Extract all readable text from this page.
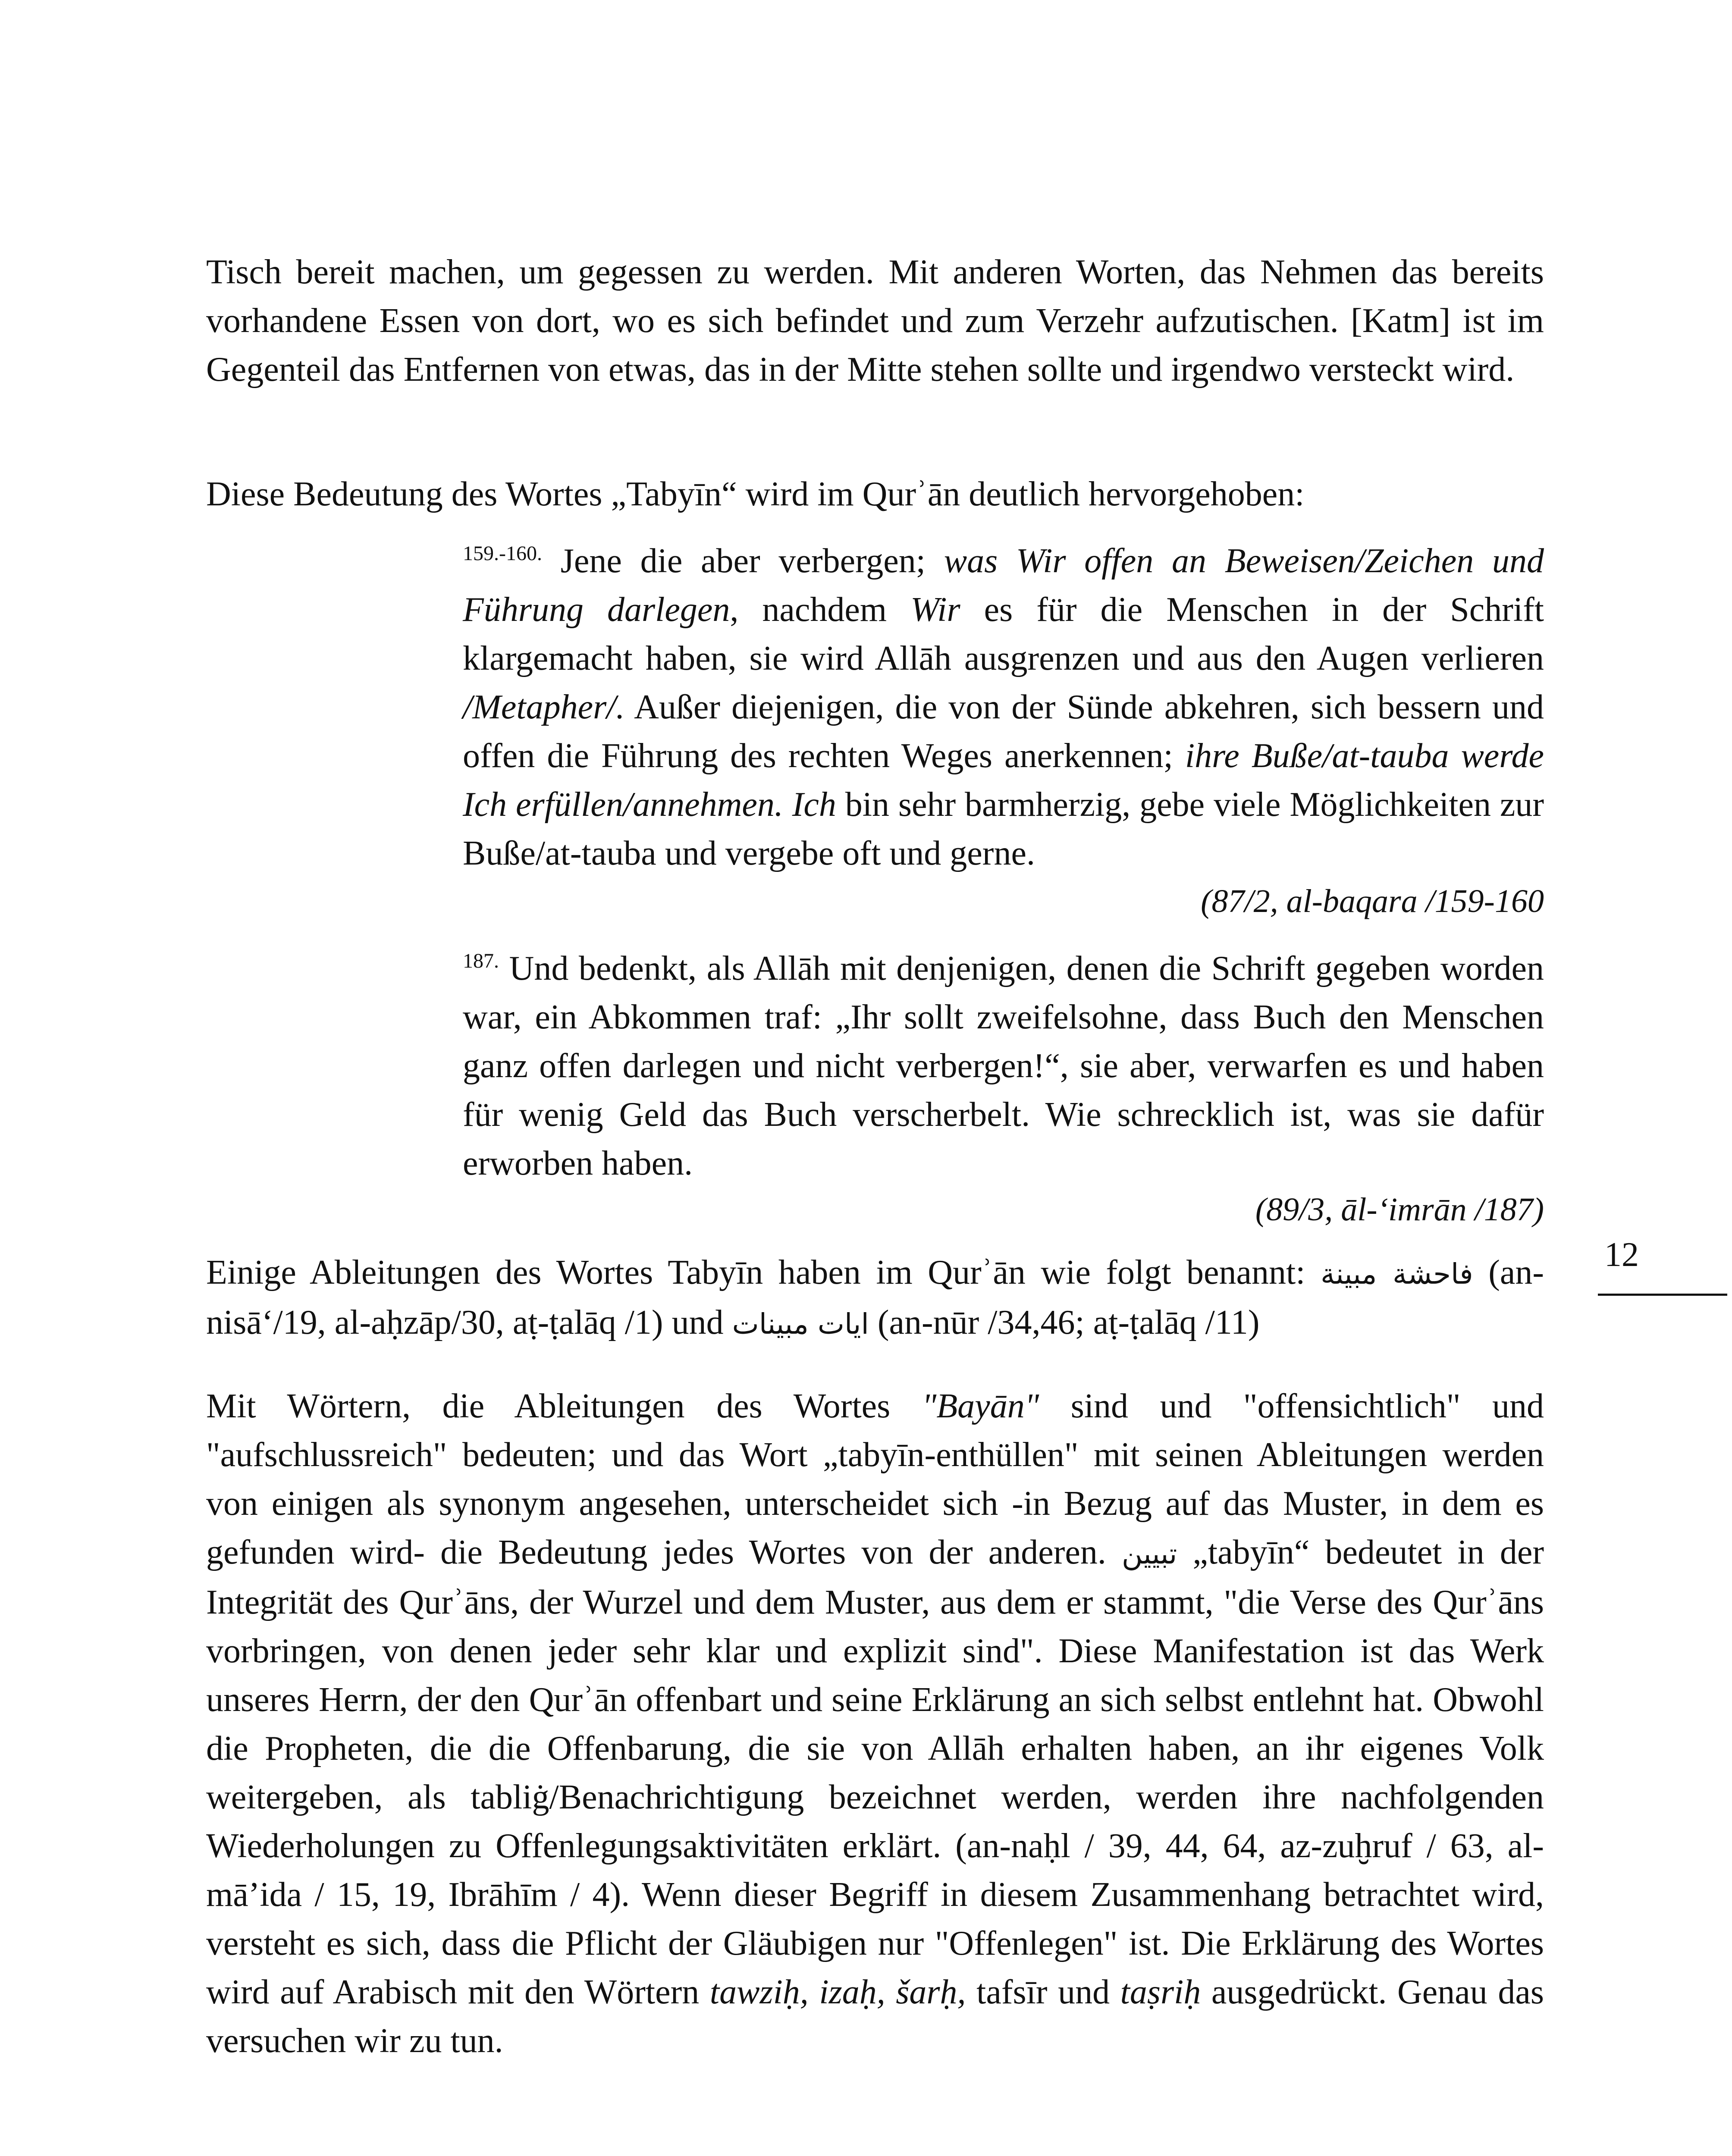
Tisch bereit machen, um gegessen zu werden. Mit anderen Worten, das Nehmen das bereits vorhandene Essen von dort, wo es sich befindet und zum Verzehr aufzutischen. [Katm] ist im Gegenteil das Entfernen von etwas, das in der Mitte stehen sollte und irgendwo versteckt wird.

Diese Bedeutung des Wortes „Tabyīn“ wird im Qurʾān deutlich hervorgehoben:

$^{159.-160.}$ Jene die aber verbergen; was Wir offen an Beweisen/Zeichen und Führung darlegen, nachdem Wir es für die Menschen in der Schrift klargemacht haben, sie wird Allāh ausgrenzen und aus den Augen verlieren /Metapher/. Außer diejenigen, die von der Sünde abkehren, sich bessern und offen die Führung des rechten Weges anerkennen; ihre Buße/at-tauba werde Ich erfüllen/annehmen. Ich bin sehr barmherzig, gebe viele Möglichkeiten zur Buße/at-tauba und vergebe oft und gerne.

(87/2, al-baqara /159-160

$^{187.}$ Und bedenkt, als Allāh mit denjenigen, denen die Schrift gegeben worden war, ein Abkommen traf: „Ihr sollt zweifelsohne, dass Buch den Menschen ganz offen darlegen und nicht verbergen!“, sie aber, verwarfen es und haben für wenig Geld das Buch verscherbelt. Wie schrecklich ist, was sie dafür erworben haben.

(89/3, āl-ʻimrān /187)

Einige Ableitungen des Wortes Tabyīn haben im Qurʾān wie folgt benannt: فاحشة مبينة (an-nisāʻ/19, al-aḥzāp/30, aṭ-ṭalāq /1) und ايات مبينات (an-nūr /34,46; aṭ-ṭalāq /11)

Mit Wörtern, die Ableitungen des Wortes "Bayān" sind und "offensichtlich" und "aufschlussreich" bedeuten; und das Wort „tabyīn-enthüllen" mit seinen Ableitungen werden von einigen als synonym angesehen, unterscheidet sich -in Bezug auf das Muster, in dem es gefunden wird- die Bedeutung jedes Wortes von der anderen. تبيين „tabyīn“ bedeutet in der Integrität des Qurʾāns, der Wurzel und dem Muster, aus dem er stammt, "die Verse des Qurʾāns vorbringen, von denen jeder sehr klar und explizit sind". Diese Manifestation ist das Werk unseres Herrn, der den Qurʾān offenbart und seine Erklärung an sich selbst entlehnt hat. Obwohl die Propheten, die die Offenbarung, die sie von Allāh erhalten haben, an ihr eigenes Volk weitergeben, als tabliġ/Benachrichtigung bezeichnet werden, werden ihre nachfolgenden Wiederholungen zu Offenlegungsaktivitäten erklärt. (an-naḥl / 39, 44, 64, az-zuḫruf / 63, al-māʼida / 15, 19, Ibrāhīm / 4). Wenn dieser Begriff in diesem Zusammenhang betrachtet wird, versteht es sich, dass die Pflicht der Gläubigen nur "Offenlegen" ist. Die Erklärung des Wortes wird auf Arabisch mit den Wörtern tawziḥ, izaḥ, šarḥ, tafsīr und taṣriḥ ausgedrückt. Genau das versuchen wir zu tun.

12
